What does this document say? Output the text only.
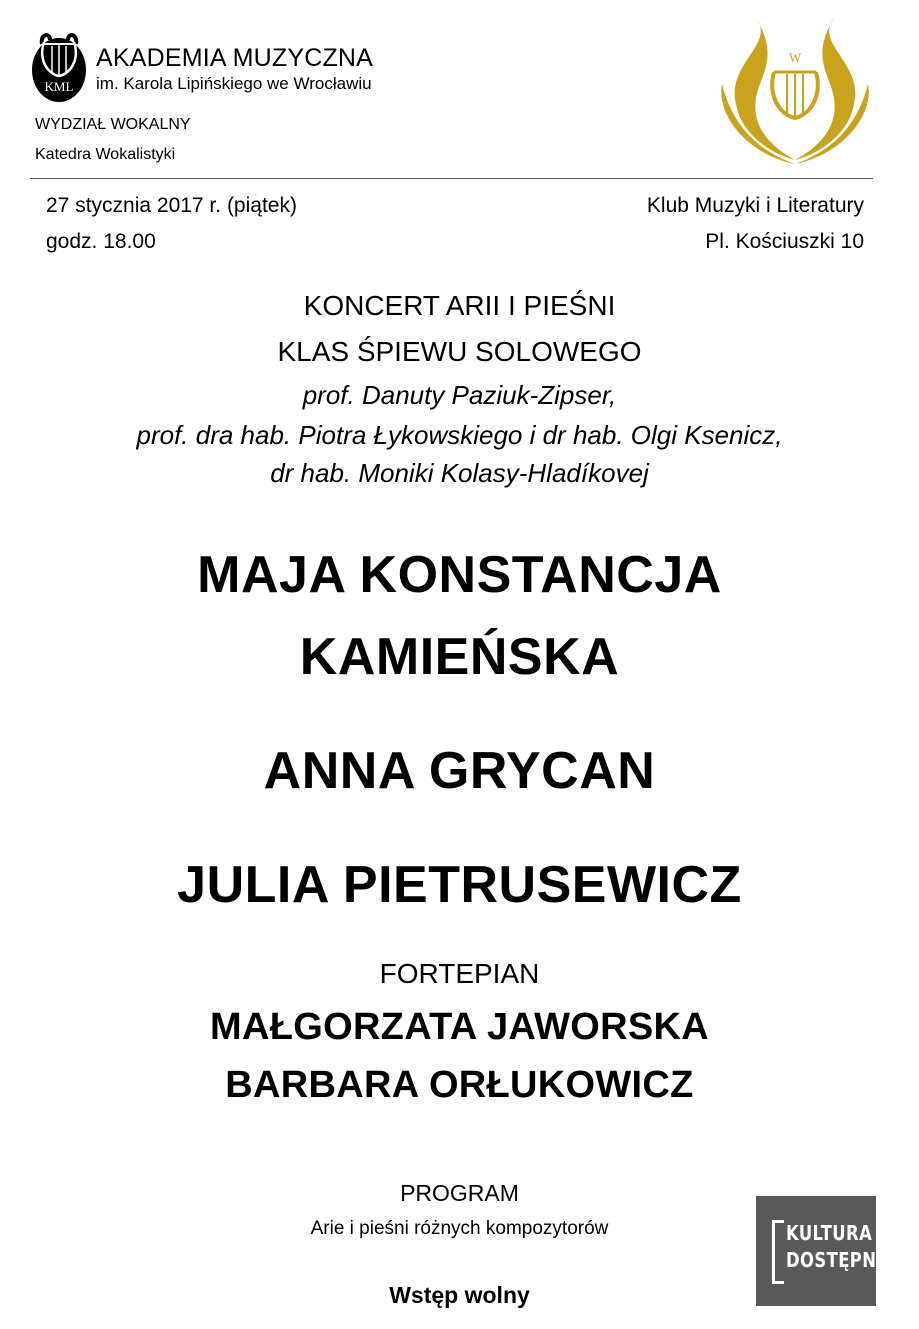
KML
AKADEMIA MUZYCZNA
im. Karola Lipińskiego we Wrocławiu
WYDZIAŁ WOKALNY
Katedra Wokalistyki
W
KMiL
27 stycznia 2017 r. (piątek)
godz. 18.00
Klub Muzyki i Literatury
Pl. Kościuszki 10
KONCERT ARII I PIEŚNI
KLAS ŚPIEWU SOLOWEGO
prof. Danuty Paziuk-Zipser,
prof. dra hab. Piotra Łykowskiego i dr hab. Olgi Ksenicz,
dr hab. Moniki Kolasy-Hladíkovej
MAJA KONSTANCJA
KAMIEŃSKA
ANNA GRYCAN
JULIA PIETRUSEWICZ
FORTEPIAN
MAŁGORZATA JAWORSKA
BARBARA ORŁUKOWICZ
PROGRAM
Arie i pieśni różnych kompozytorów
Wstęp wolny
KULTURA
DOSTĘPNA
